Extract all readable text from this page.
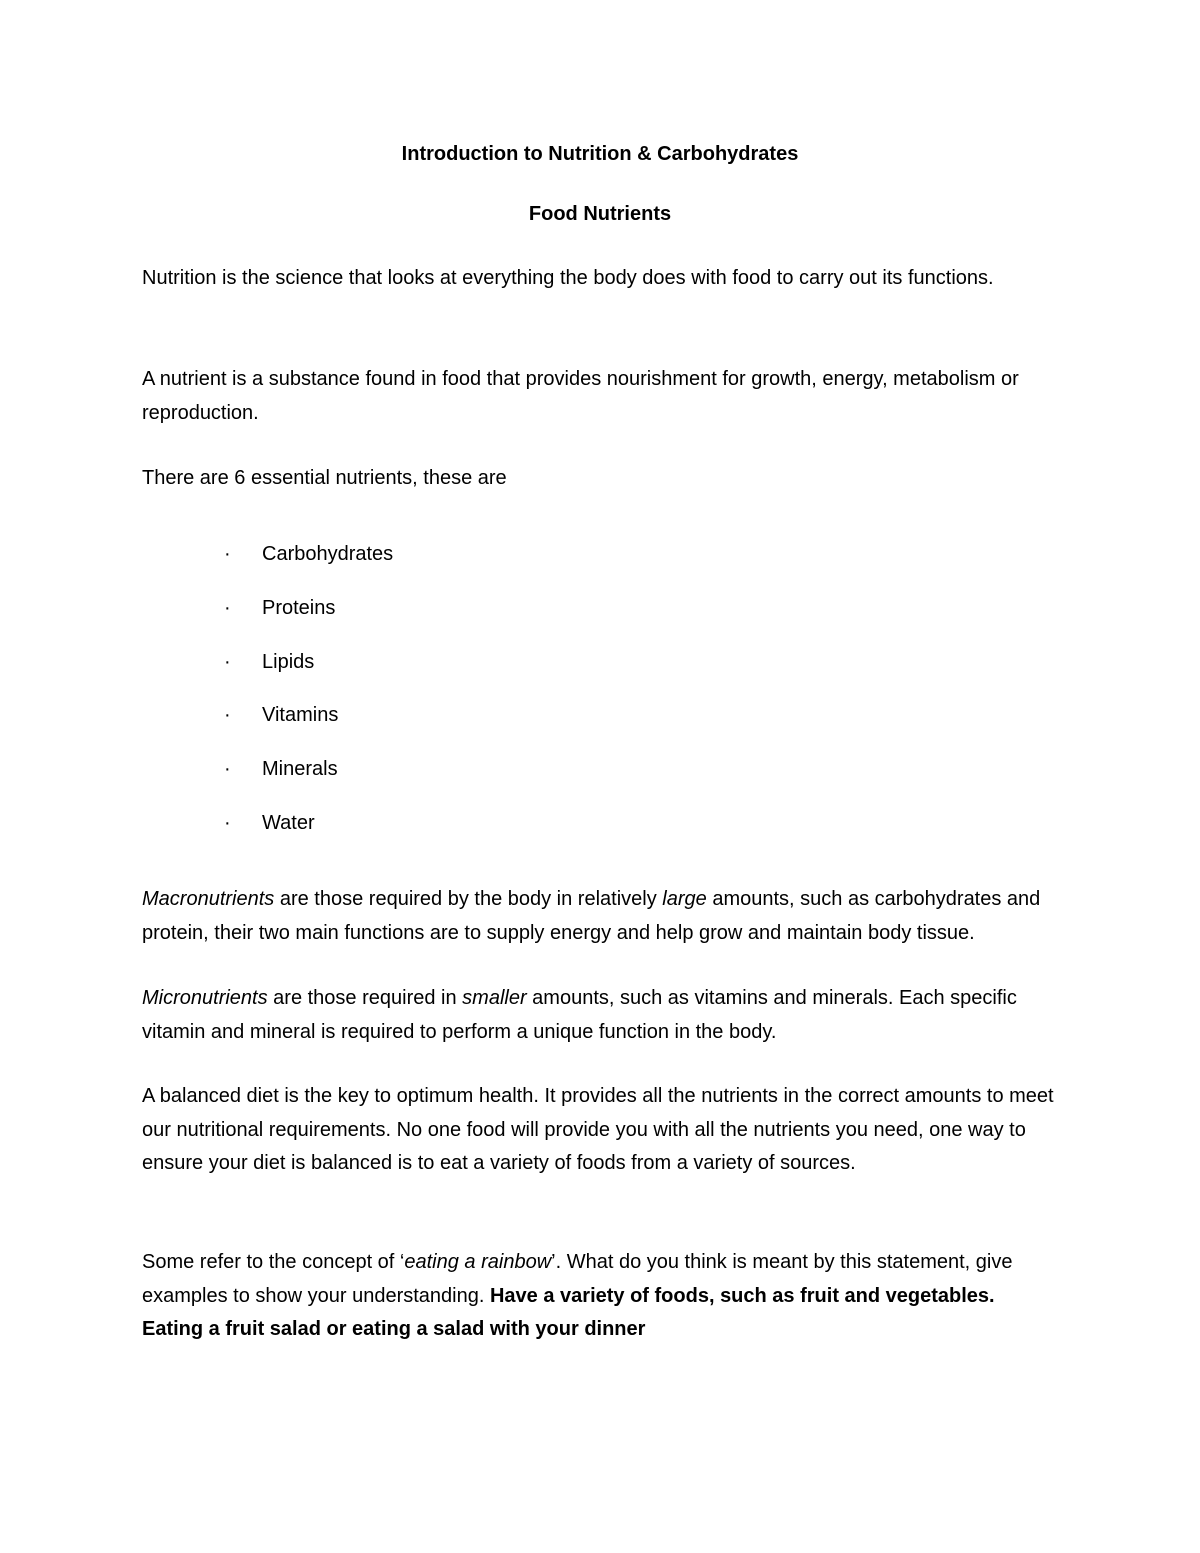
Introduction to Nutrition & Carbohydrates
Food Nutrients

Nutrition is the science that looks at everything the body does with food to carry out its functions.

A nutrient is a substance found in food that provides nourishment for growth, energy, metabolism or reproduction.

There are 6 essential nutrients, these are

· Carbohydrates
· Proteins
· Lipids
· Vitamins
· Minerals
· Water

Macronutrients are those required by the body in relatively large amounts, such as carbohydrates and protein, their two main functions are to supply energy and help grow and maintain body tissue.

Micronutrients are those required in smaller amounts, such as vitamins and minerals. Each specific vitamin and mineral is required to perform a unique function in the body.

A balanced diet is the key to optimum health. It provides all the nutrients in the correct amounts to meet our nutritional requirements. No one food will provide you with all the nutrients you need, one way to ensure your diet is balanced is to eat a variety of foods from a variety of sources.

Some refer to the concept of ‘eating a rainbow’. What do you think is meant by this statement, give examples to show your understanding. Have a variety of foods, such as fruit and vegetables. Eating a fruit salad or eating a salad with your dinner
